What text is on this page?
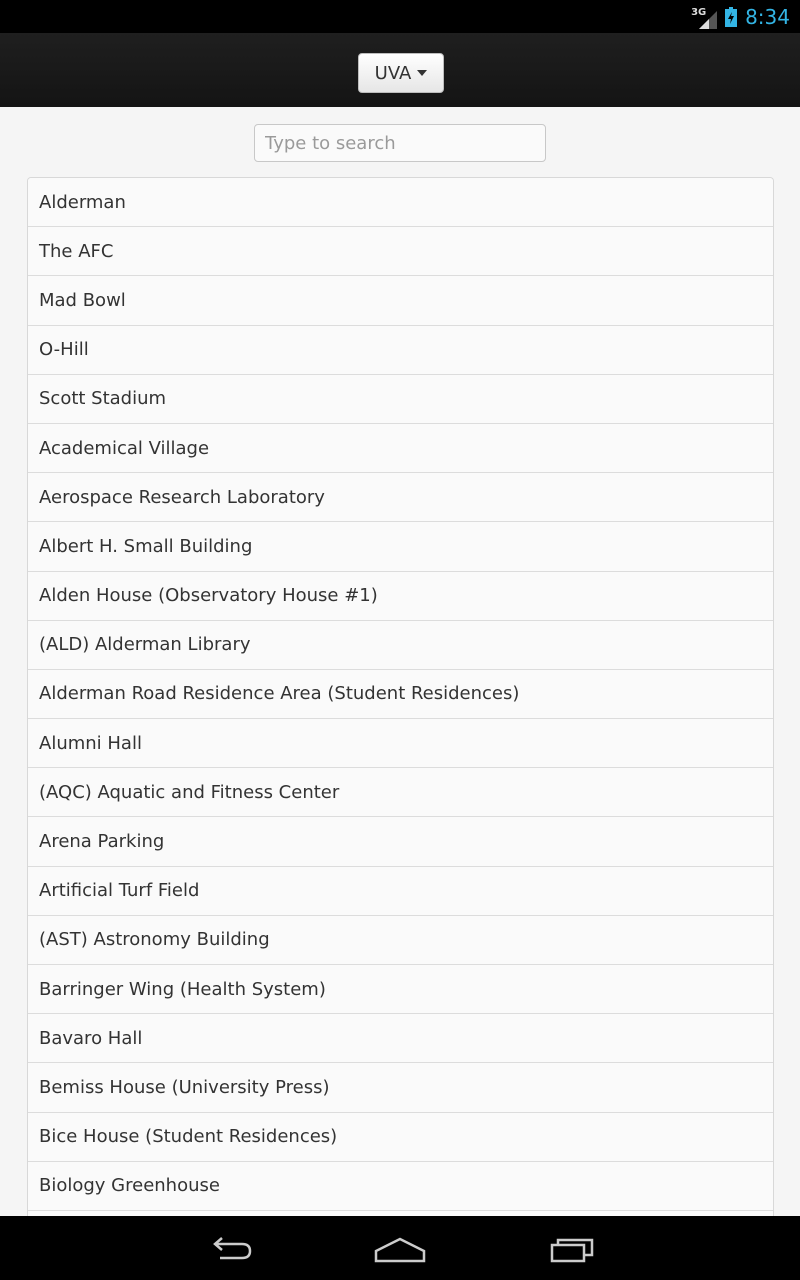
3G 8:34
UVA
Type to search
Alderman
The AFC
Mad Bowl
O-Hill
Scott Stadium
Academical Village
Aerospace Research Laboratory
Albert H. Small Building
Alden House (Observatory House #1)
(ALD) Alderman Library
Alderman Road Residence Area (Student Residences)
Alumni Hall
(AQC) Aquatic and Fitness Center
Arena Parking
Artificial Turf Field
(AST) Astronomy Building
Barringer Wing (Health System)
Bavaro Hall
Bemiss House (University Press)
Bice House (Student Residences)
Biology Greenhouse
